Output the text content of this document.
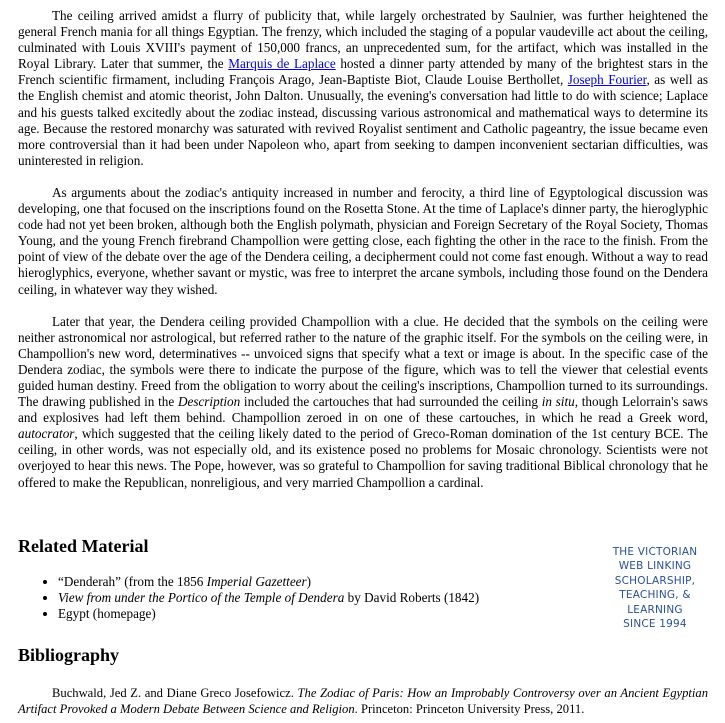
The ceiling arrived amidst a flurry of publicity that, while largely orchestrated by Saulnier, was further heightened the general French mania for all things Egyptian. The frenzy, which included the staging of a popular vaudeville act about the ceiling, culminated with Louis XVIII's payment of 150,000 francs, an unprecedented sum, for the artifact, which was installed in the Royal Library. Later that summer, the Marquis de Laplace hosted a dinner party attended by many of the brightest stars in the French scientific firmament, including François Arago, Jean-Baptiste Biot, Claude Louise Berthollet, Joseph Fourier, as well as the English chemist and atomic theorist, John Dalton. Unusually, the evening's conversation had little to do with science; Laplace and his guests talked excitedly about the zodiac instead, discussing various astronomical and mathematical ways to determine its age. Because the restored monarchy was saturated with revived Royalist sentiment and Catholic pageantry, the issue became even more controversial than it had been under Napoleon who, apart from seeking to dampen inconvenient sectarian difficulties, was uninterested in religion.

As arguments about the zodiac's antiquity increased in number and ferocity, a third line of Egyptological discussion was developing, one that focused on the inscriptions found on the Rosetta Stone. At the time of Laplace's dinner party, the hieroglyphic code had not yet been broken, although both the English polymath, physician and Foreign Secretary of the Royal Society, Thomas Young, and the young French firebrand Champollion were getting close, each fighting the other in the race to the finish. From the point of view of the debate over the age of the Dendera ceiling, a decipherment could not come fast enough. Without a way to read hieroglyphics, everyone, whether savant or mystic, was free to interpret the arcane symbols, including those found on the Dendera ceiling, in whatever way they wished.

Later that year, the Dendera ceiling provided Champollion with a clue. He decided that the symbols on the ceiling were neither astronomical nor astrological, but referred rather to the nature of the graphic itself. For the symbols on the ceiling were, in Champollion's new word, determinatives -- unvoiced signs that specify what a text or image is about. In the specific case of the Dendera zodiac, the symbols were there to indicate the purpose of the figure, which was to tell the viewer that celestial events guided human destiny. Freed from the obligation to worry about the ceiling's inscriptions, Champollion turned to its surroundings. The drawing published in the Description included the cartouches that had surrounded the ceiling in situ, though Lelorrain's saws and explosives had left them behind. Champollion zeroed in on one of these cartouches, in which he read a Greek word, autocrator, which suggested that the ceiling likely dated to the period of Greco-Roman domination of the 1st century BCE. The ceiling, in other words, was not especially old, and its existence posed no problems for Mosaic chronology. Scientists were not overjoyed to hear this news. The Pope, however, was so grateful to Champollion for saving traditional Biblical chronology that he offered to make the Republican, nonreligious, and very married Champollion a cardinal.

Related Material
• “Denderah” (from the 1856 Imperial Gazetteer)
• View from under the Portico of the Temple of Dendera by David Roberts (1842)
• Egypt (homepage)
THE VICTORIAN
WEB LINKING
SCHOLARSHIP,
TEACHING, &
LEARNING
SINCE 1994
Bibliography

Buchwald, Jed Z. and Diane Greco Josefowicz. The Zodiac of Paris: How an Improbably Controversy over an Ancient Egyptian Artifact Provoked a Modern Debate Between Science and Religion. Princeton: Princeton University Press, 2011.
